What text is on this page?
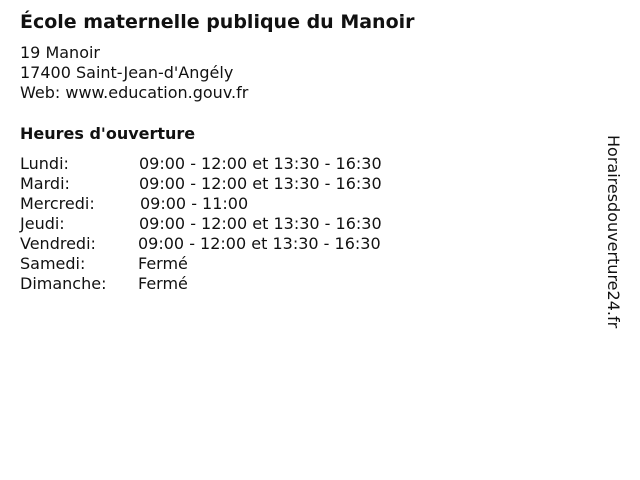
École maternelle publique du Manoir
19 Manoir
17400 Saint-Jean-d'Angély
Web: www.education.gouv.fr
Heures d'ouverture
Lundi:	09:00 - 12:00 et 13:30 - 16:30
Mardi:	09:00 - 12:00 et 13:30 - 16:30
Mercredi:	09:00 - 11:00
Jeudi:	09:00 - 12:00 et 13:30 - 16:30
Vendredi:	09:00 - 12:00 et 13:30 - 16:30
Samedi:	Fermé
Dimanche: Fermé	Horairesdouverture24.fr
